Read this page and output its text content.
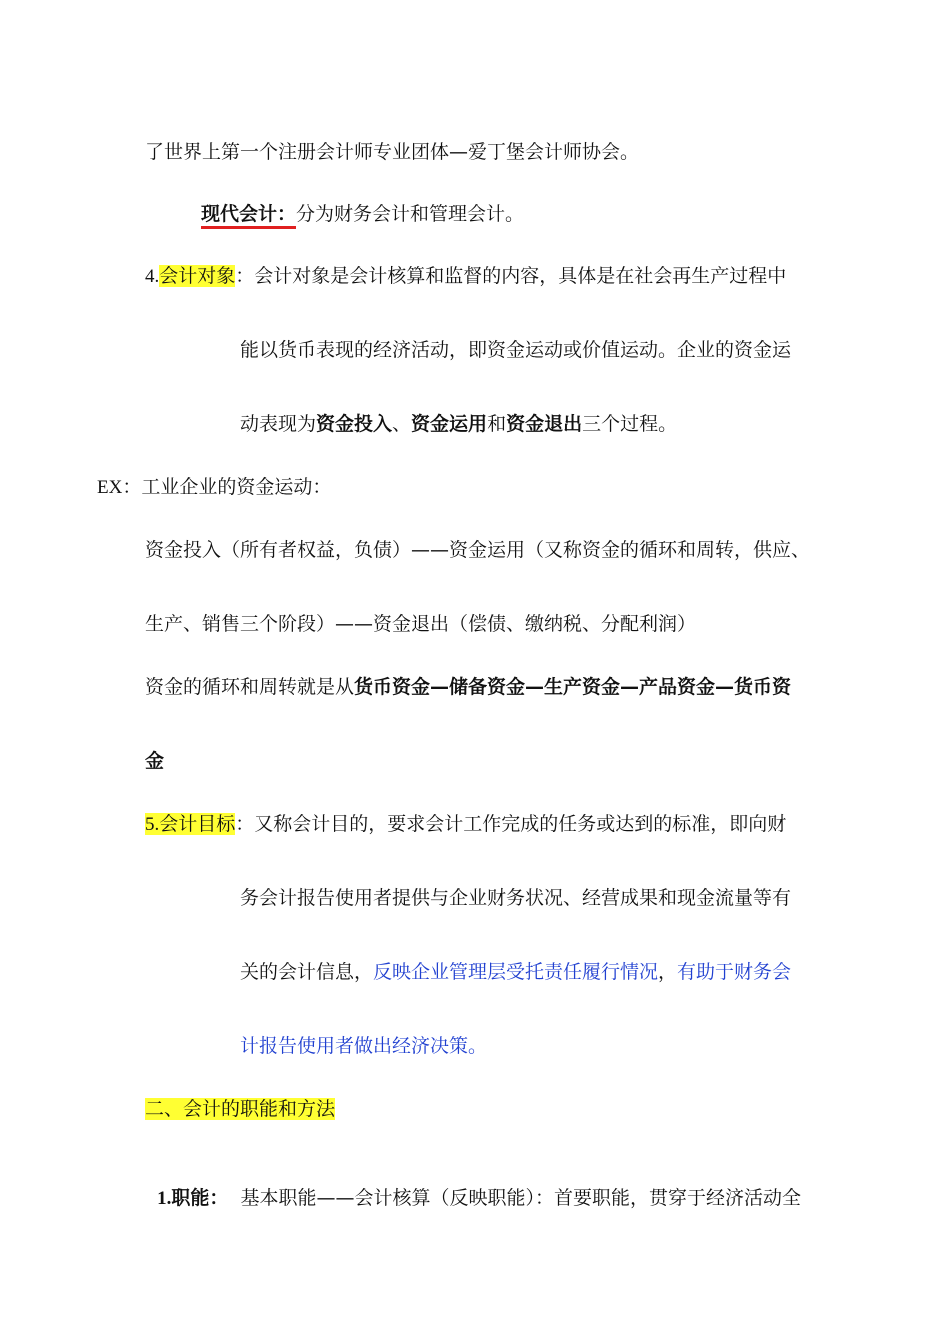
了世界上第一个注册会计师专业团体—爱丁堡会计师协会。
现代会计：分为财务会计和管理会计。
4.会计对象：会计对象是会计核算和监督的内容，具体是在社会再生产过程中
能以货币表现的经济活动，即资金运动或价值运动。企业的资金运
动表现为资金投入、资金运用和资金退出三个过程。
EX：工业企业的资金运动：
资金投入（所有者权益，负债）——资金运用（又称资金的循环和周转，供应、
生产、销售三个阶段）——资金退出（偿债、缴纳税、分配利润）
资金的循环和周转就是从货币资金—储备资金—生产资金—产品资金—货币资
金
5.会计目标：又称会计目的，要求会计工作完成的任务或达到的标准，即向财
务会计报告使用者提供与企业财务状况、经营成果和现金流量等有
关的会计信息，反映企业管理层受托责任履行情况，有助于财务会
计报告使用者做出经济决策。
二、会计的职能和方法

1.职能：  基本职能——会计核算（反映职能）：首要职能，贯穿于经济活动全
